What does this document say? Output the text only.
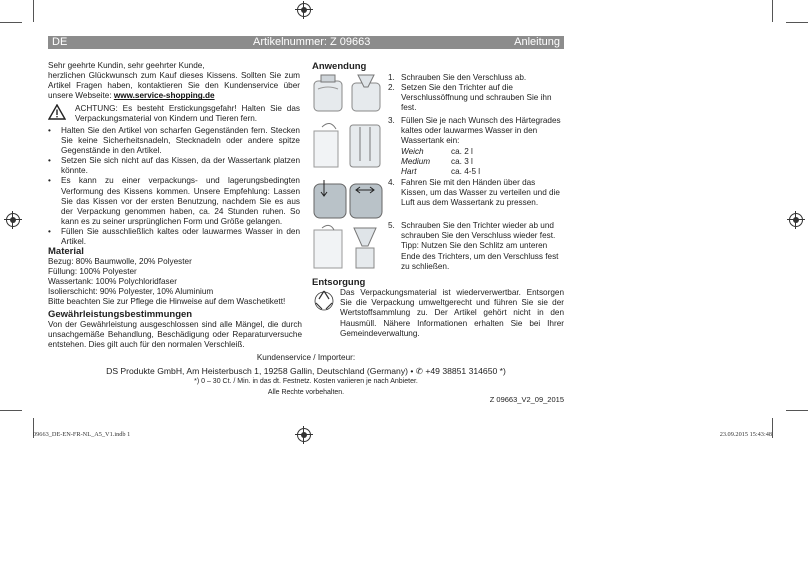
DE	Artikelnummer: Z 09663	Anleitung

Sehr geehrte Kundin, sehr geehrter Kunde,

herzlichen Glückwunsch zum Kauf dieses Kissens. Sollten Sie zum Artikel Fragen haben, kontaktieren Sie den Kundenservice über unsere Webseite: www.service-shopping.de

ACHTUNG: Es besteht Erstickungsgefahr! Halten Sie das Verpackungsmaterial von Kindern und Tieren fern.
• Halten Sie den Artikel von scharfen Gegenständen fern. Stecken Sie keine Sicherheitsnadeln, Stecknadeln oder andere spitze Gegenstände in den Artikel.
• Setzen Sie sich nicht auf das Kissen, da der Wassertank platzen könnte.
• Es kann zu einer verpackungs- und lagerungsbedingten Verformung des Kissens kommen. Unsere Empfehlung: Lassen Sie das Kissen vor der ersten Benutzung, nachdem Sie es aus der Verpackung genommen haben, ca. 24 Stunden ruhen. So kann es zu seiner ursprünglichen Form und Größe gelangen.
• Füllen Sie ausschließlich kaltes oder lauwarmes Wasser in den Artikel.
Material
Bezug: 80% Baumwolle, 20% Polyester
Füllung: 100% Polyester
Wassertank: 100% Polychloridfaser
Isolierschicht: 90% Polyester, 10% Aluminium
Bitte beachten Sie zur Pflege die Hinweise auf dem Waschetikett!
Gewährleistungsbestimmungen
Von der Gewährleistung ausgeschlossen sind alle Mängel, die durch unsachgemäße Behandlung, Beschädigung oder Reparaturversuche entstehen. Dies gilt auch für den normalen Verschleiß.
Anwendung
1. Schrauben Sie den Verschluss ab.
2. Setzen Sie den Trichter auf die Verschlussöffnung und schrauben Sie ihn fest.
3. Füllen Sie je nach Wunsch des Härtegrades kaltes oder lauwarmes Wasser in den Wassertank ein:
Weich	ca. 2 l
Medium	ca. 3 l
Hart	ca. 4-5 l
4. Fahren Sie mit den Händen über das Kissen, um das Wasser zu verteilen und die Luft aus dem Wassertank zu pressen.
5. Schrauben Sie den Trichter wieder ab und schrauben Sie den Verschluss wieder fest.
Tipp: Nutzen Sie den Schlitz am unteren Ende des Trichters, um den Verschluss fest zu schließen.
Entsorgung
Das Verpackungsmaterial ist wiederverwertbar. Entsorgen Sie die Verpackung umweltgerecht und führen Sie sie der Wertstoffsammlung zu. Der Artikel gehört nicht in den Hausmüll. Nähere Informationen erhalten Sie bei Ihrer Gemeindeverwaltung.
Kundenservice / Importeur:
DS Produkte GmbH, Am Heisterbusch 1, 19258 Gallin, Deutschland (Germany) • ✆ +49 38851 314650 *)
*) 0 – 30 Ct. / Min. in das dt. Festnetz. Kosten variieren je nach Anbieter.
Alle Rechte vorbehalten.
Z 09663_V2_09_2015
09663_DE-EN-FR-NL_A5_V1.indb 1	23.09.2015 15:43:48
